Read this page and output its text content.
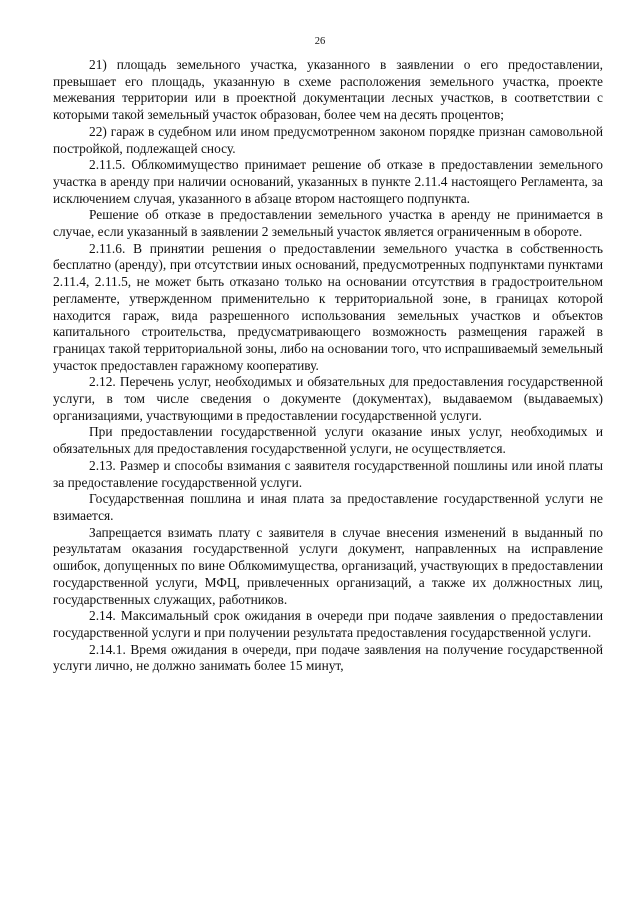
26

21) площадь земельного участка, указанного в заявлении о его предоставлении, превышает его площадь, указанную в схеме расположения земельного участка, проекте межевания территории или в проектной документации лесных участков, в соответствии с которыми такой земельный участок образован, более чем на десять процентов;

22) гараж в судебном или ином предусмотренном законом порядке признан самовольной постройкой, подлежащей сносу.

2.11.5. Облкомимущество принимает решение об отказе в предоставлении земельного участка в аренду при наличии оснований, указанных в пункте 2.11.4 настоящего Регламента, за исключением случая, указанного в абзаце втором настоящего подпункта.

Решение об отказе в предоставлении земельного участка в аренду не принимается в случае, если указанный в заявлении 2 земельный участок является ограниченным в обороте.

2.11.6. В принятии решения о предоставлении земельного участка в собственность бесплатно (аренду), при отсутствии иных оснований, предусмотренных подпунктами пунктами 2.11.4, 2.11.5, не может быть отказано только на основании отсутствия в градостроительном регламенте, утвержденном применительно к территориальной зоне, в границах которой находится гараж, вида разрешенного использования земельных участков и объектов капитального строительства, предусматривающего возможность размещения гаражей в границах такой территориальной зоны, либо на основании того, что испрашиваемый земельный участок предоставлен гаражному кооперативу.

2.12. Перечень услуг, необходимых и обязательных для предоставления государственной услуги, в том числе сведения о документе (документах), выдаваемом (выдаваемых) организациями, участвующими в предоставлении государственной услуги.

При предоставлении государственной услуги оказание иных услуг, необходимых и обязательных для предоставления государственной услуги, не осуществляется.

2.13. Размер и способы взимания с заявителя государственной пошлины или иной платы за предоставление государственной услуги.

Государственная пошлина и иная плата за предоставление государственной услуги не взимается.

Запрещается взимать плату с заявителя в случае внесения изменений в выданный по результатам оказания государственной услуги документ, направленных на исправление ошибок, допущенных по вине Облкомимущества, организаций, участвующих в предоставлении государственной услуги, МФЦ, привлеченных организаций, а также их должностных лиц, государственных служащих, работников.

2.14. Максимальный срок ожидания в очереди при подаче заявления о предоставлении государственной услуги и при получении результата предоставления государственной услуги.

2.14.1. Время ожидания в очереди, при подаче заявления на получение государственной услуги лично, не должно занимать более 15 минут,
